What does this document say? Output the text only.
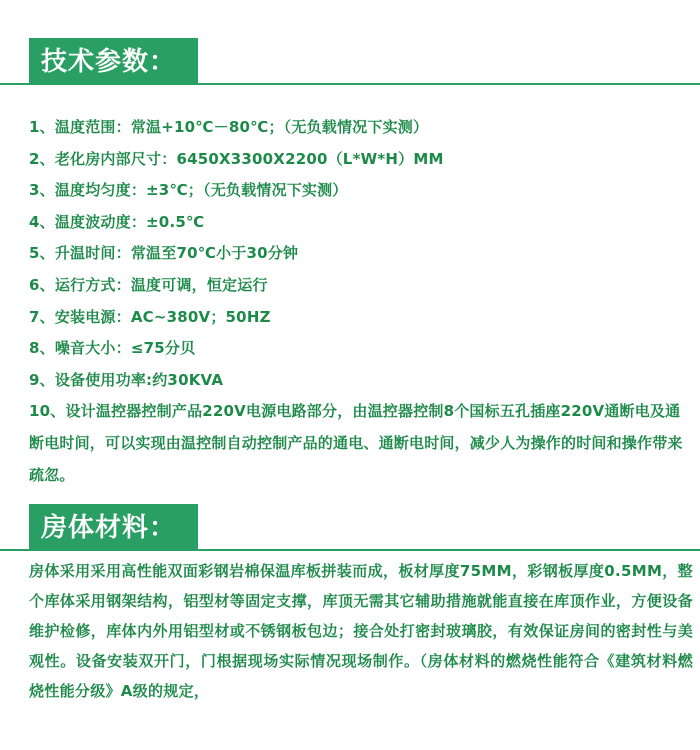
技术参数：
1、温度范围：常温+10℃－80℃；（无负载情况下实测）
2、老化房内部尺寸：6450X3300X2200（L*W*H）MM
3、温度均匀度：±3℃；（无负载情况下实测）
4、温度波动度：±0.5℃
5、升温时间：常温至70℃小于30分钟
6、运行方式：温度可调，恒定运行
7、安装电源：AC~380V；50HZ
8、噪音大小：≤75分贝
9、设备使用功率:约30KVA
10、设计温控器控制产品220V电源电路部分，由温控器控制8个国标五孔插座220V通断电及通断电时间，可以实现由温控制自动控制产品的通电、通断电时间，减少人为操作的时间和操作带来疏忽。
房体材料：

房体采用采用高性能双面彩钢岩棉保温库板拼装而成，板材厚度75MM，彩钢板厚度0.5MM，整个库体采用钢架结构，铝型材等固定支撑，库顶无需其它辅助措施就能直接在库顶作业，方便设备维护检修，库体内外用铝型材或不锈钢板包边；接合处打密封玻璃胶，有效保证房间的密封性与美观性。设备安装双开门，门根据现场实际情况现场制作。（房体材料的燃烧性能符合《建筑材料燃烧性能分级》A级的规定，
